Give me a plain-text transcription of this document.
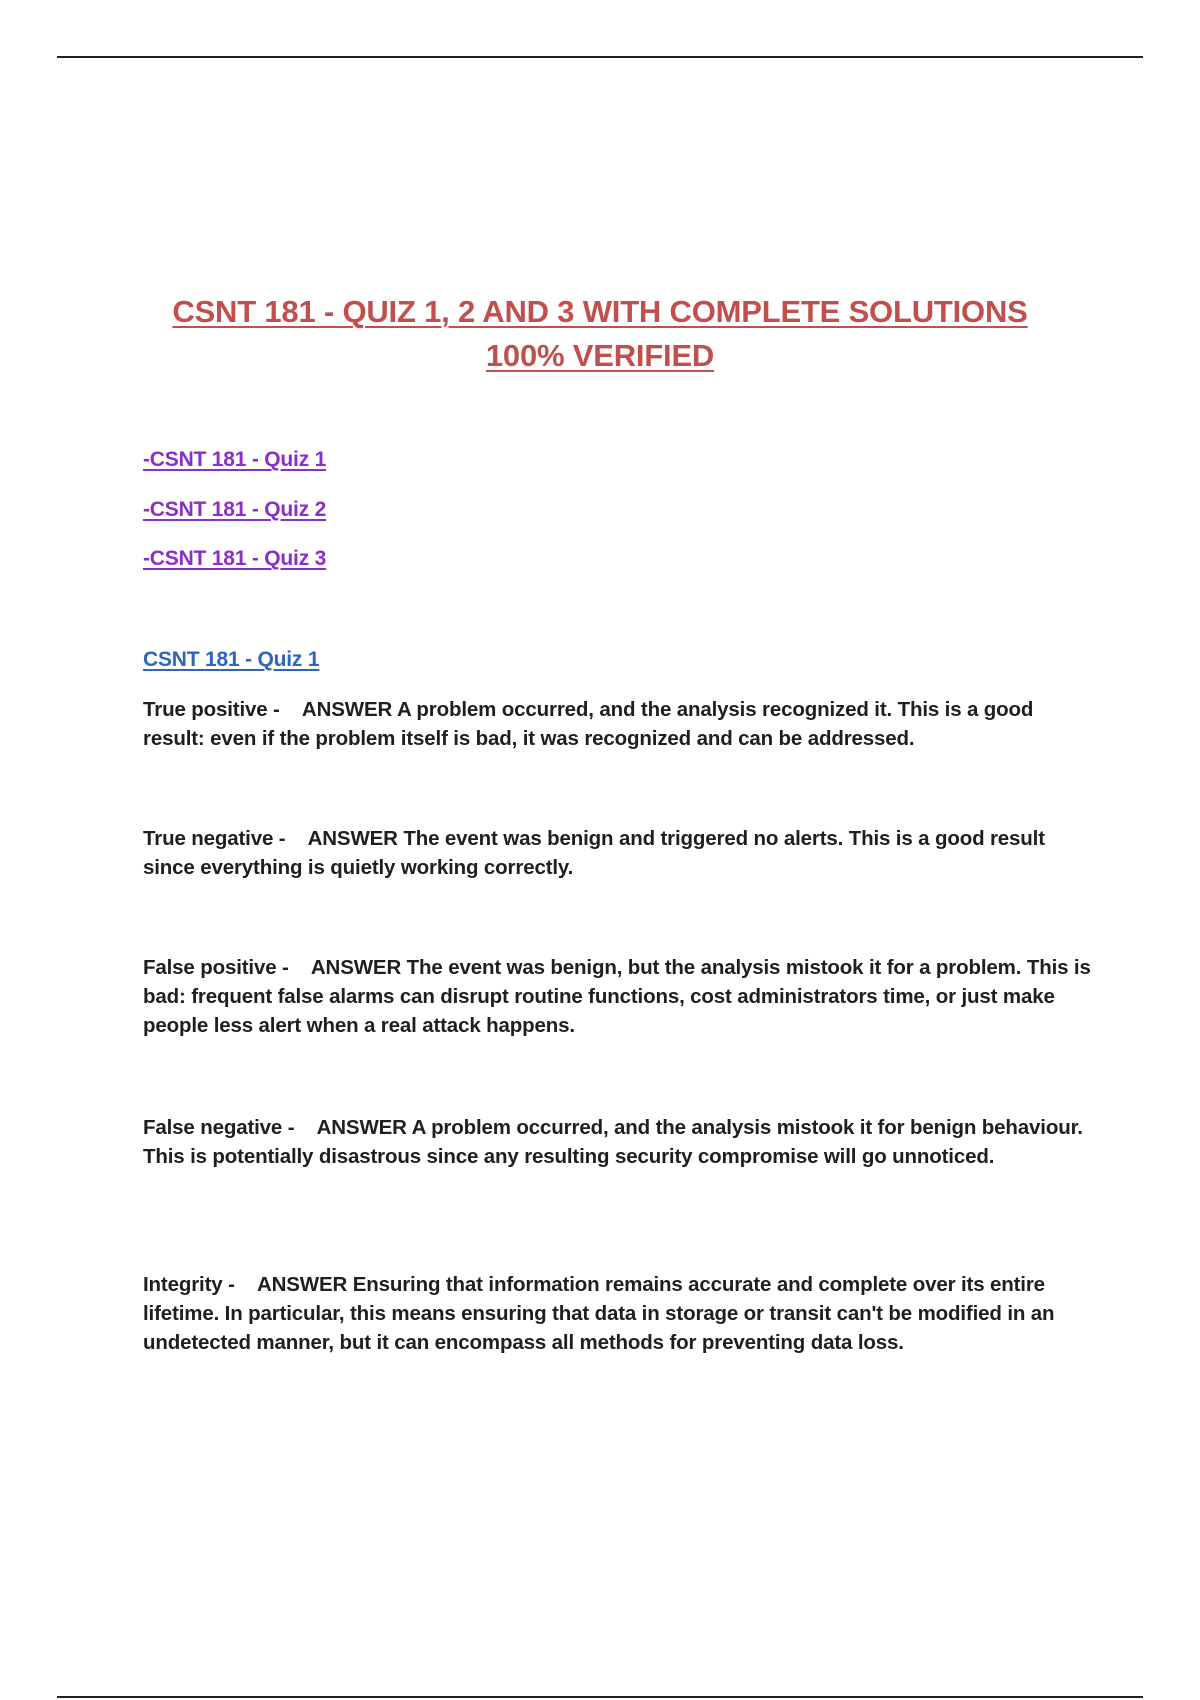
CSNT 181 - QUIZ 1, 2 AND 3 WITH COMPLETE SOLUTIONS
100% VERIFIED
-CSNT 181 - Quiz 1
-CSNT 181 - Quiz 2
-CSNT 181 - Quiz 3
CSNT 181 - Quiz 1

True positive - ANSWER A problem occurred, and the analysis recognized it. This is a good result: even if the problem itself is bad, it was recognized and can be addressed.

True negative - ANSWER The event was benign and triggered no alerts. This is a good result since everything is quietly working correctly.

False positive - ANSWER The event was benign, but the analysis mistook it for a problem. This is bad: frequent false alarms can disrupt routine functions, cost administrators time, or just make people less alert when a real attack happens.

False negative - ANSWER A problem occurred, and the analysis mistook it for benign behaviour. This is potentially disastrous since any resulting security compromise will go unnoticed.

Integrity - ANSWER Ensuring that information remains accurate and complete over its entire lifetime. In particular, this means ensuring that data in storage or transit can't be modified in an undetected manner, but it can encompass all methods for preventing data loss.
